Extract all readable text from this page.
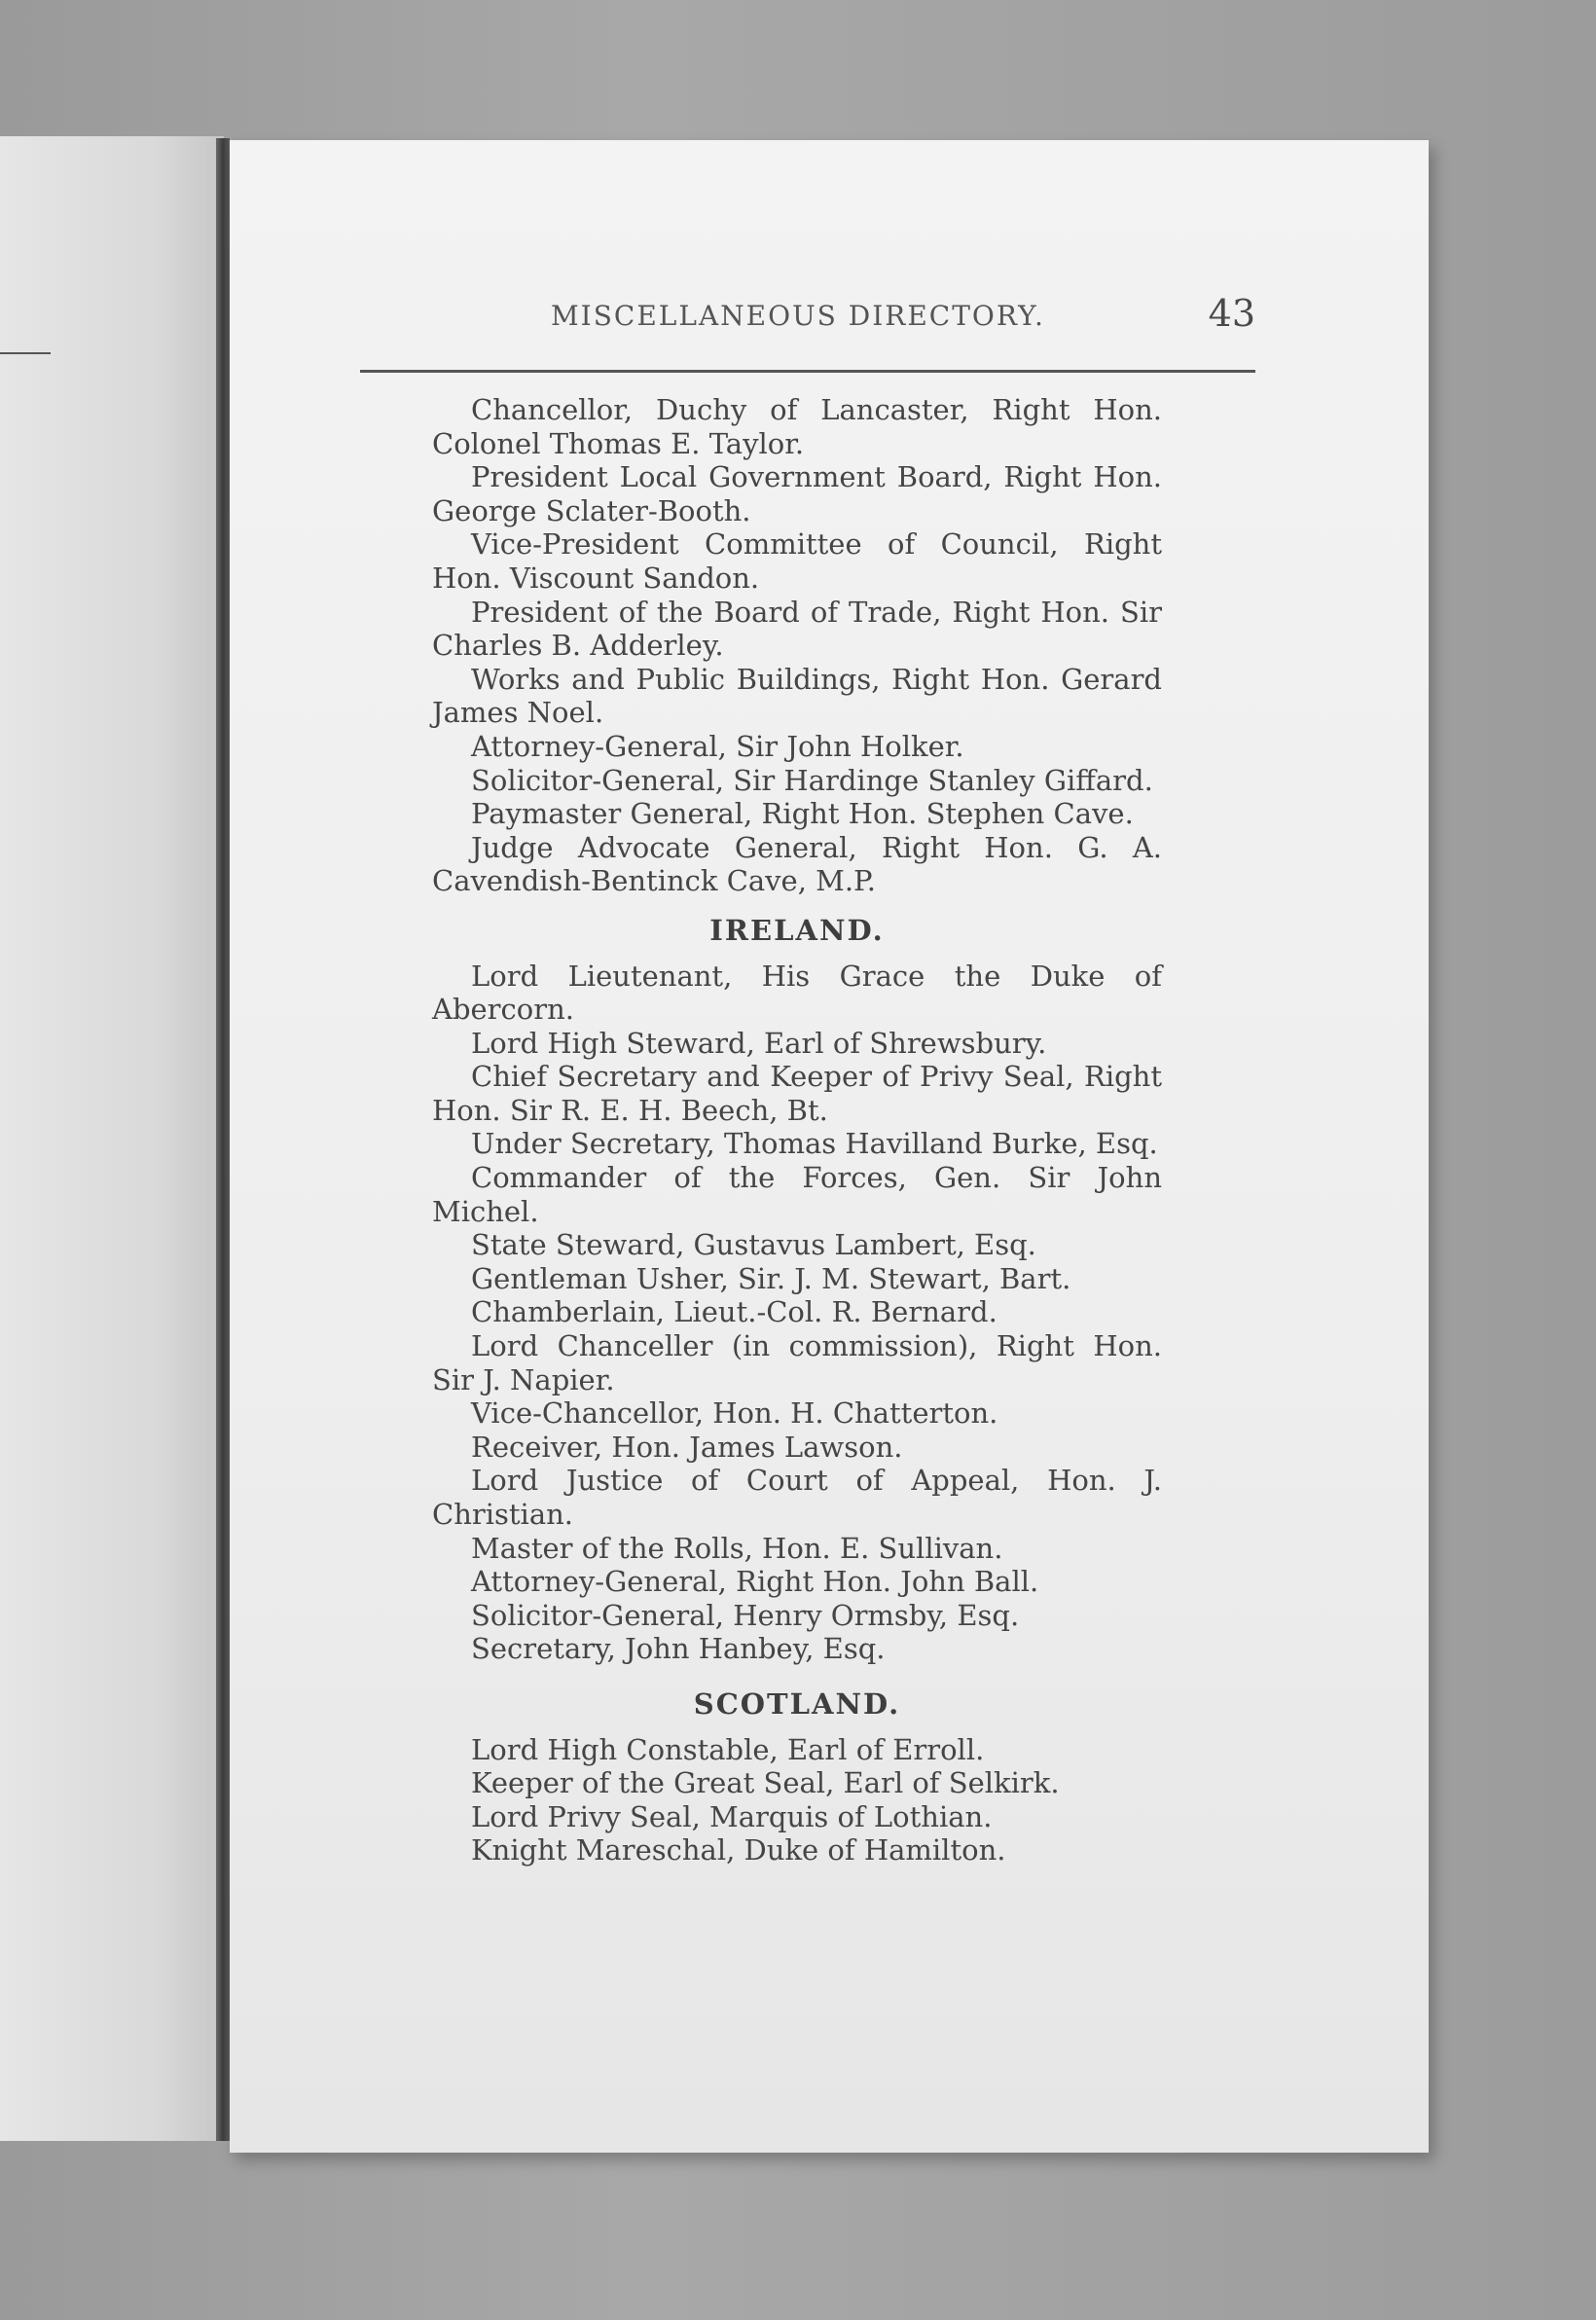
MISCELLANEOUS DIRECTORY.	43

Chancellor, Duchy of Lancaster, Right Hon. Colonel Thomas E. Taylor.

President Local Government Board, Right Hon. George Sclater-Booth.

Vice-President Committee of Council, Right Hon. Viscount Sandon.

President of the Board of Trade, Right Hon. Sir Charles B. Adderley.

Works and Public Buildings, Right Hon. Gerard James Noel.

Attorney-General, Sir John Holker.

Solicitor-General, Sir Hardinge Stanley Giffard.

Paymaster General, Right Hon. Stephen Cave.

Judge Advocate General, Right Hon. G. A. Cavendish-Bentinck Cave, M.P.

IRELAND.

Lord Lieutenant, His Grace the Duke of Abercorn.

Lord High Steward, Earl of Shrewsbury.

Chief Secretary and Keeper of Privy Seal, Right Hon. Sir R. E. H. Beech, Bt.

Under Secretary, Thomas Havilland Burke, Esq.

Commander of the Forces, Gen. Sir John Michel.

State Steward, Gustavus Lambert, Esq.

Gentleman Usher, Sir. J. M. Stewart, Bart.

Chamberlain, Lieut.-Col. R. Bernard.

Lord Chanceller (in commission), Right Hon. Sir J. Napier.

Vice-Chancellor, Hon. H. Chatterton.

Receiver, Hon. James Lawson.

Lord Justice of Court of Appeal, Hon. J. Christian.

Master of the Rolls, Hon. E. Sullivan.

Attorney-General, Right Hon. John Ball.

Solicitor-General, Henry Ormsby, Esq.

Secretary, John Hanbey, Esq.

SCOTLAND.

Lord High Constable, Earl of Erroll.

Keeper of the Great Seal, Earl of Selkirk.

Lord Privy Seal, Marquis of Lothian.

Knight Mareschal, Duke of Hamilton.
